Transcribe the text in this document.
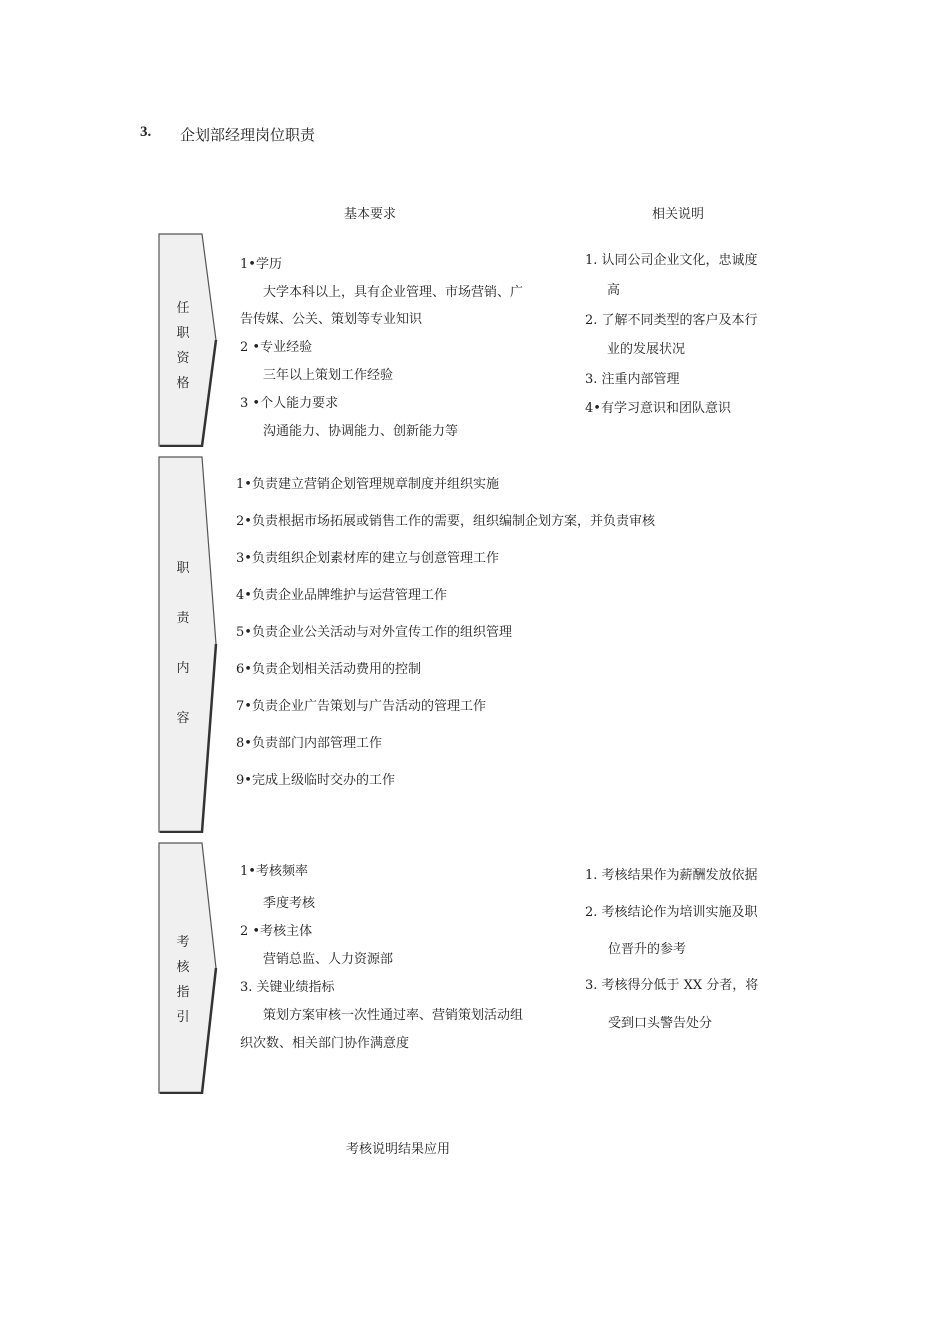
3. 企划部经理岗位职责
基本要求	相关说明
任
职
资
格
1•学历
大学本科以上，具有企业管理、市场营销、广
告传媒、公关、策划等专业知识
2 •专业经验
三年以上策划工作经验
3 •个人能力要求
沟通能力、协调能力、创新能力等
1. 认同公司企业文化，忠诚度
高
2. 了解不同类型的客户及本行
业的发展状况
3. 注重内部管理
4•有学习意识和团队意识
职
责
内
容
1•负责建立营销企划管理规章制度并组织实施
2•负责根据市场拓展或销售工作的需要，组织编制企划方案，并负责审核
3•负责组织企划素材库的建立与创意管理工作
4•负责企业品牌维护与运营管理工作
5•负责企业公关活动与对外宣传工作的组织管理
6•负责企划相关活动费用的控制
7•负责企业广告策划与广告活动的管理工作
8•负责部门内部管理工作
9•完成上级临时交办的工作
考
核
指
引
1•考核频率
季度考核
2 •考核主体
营销总监、人力资源部
3. 关键业绩指标
策划方案审核一次性通过率、营销策划活动组
织次数、相关部门协作满意度
1. 考核结果作为薪酬发放依据
2. 考核结论作为培训实施及职
位晋升的参考
3. 考核得分低于 XX 分者，将
受到口头警告处分
考核说明结果应用
